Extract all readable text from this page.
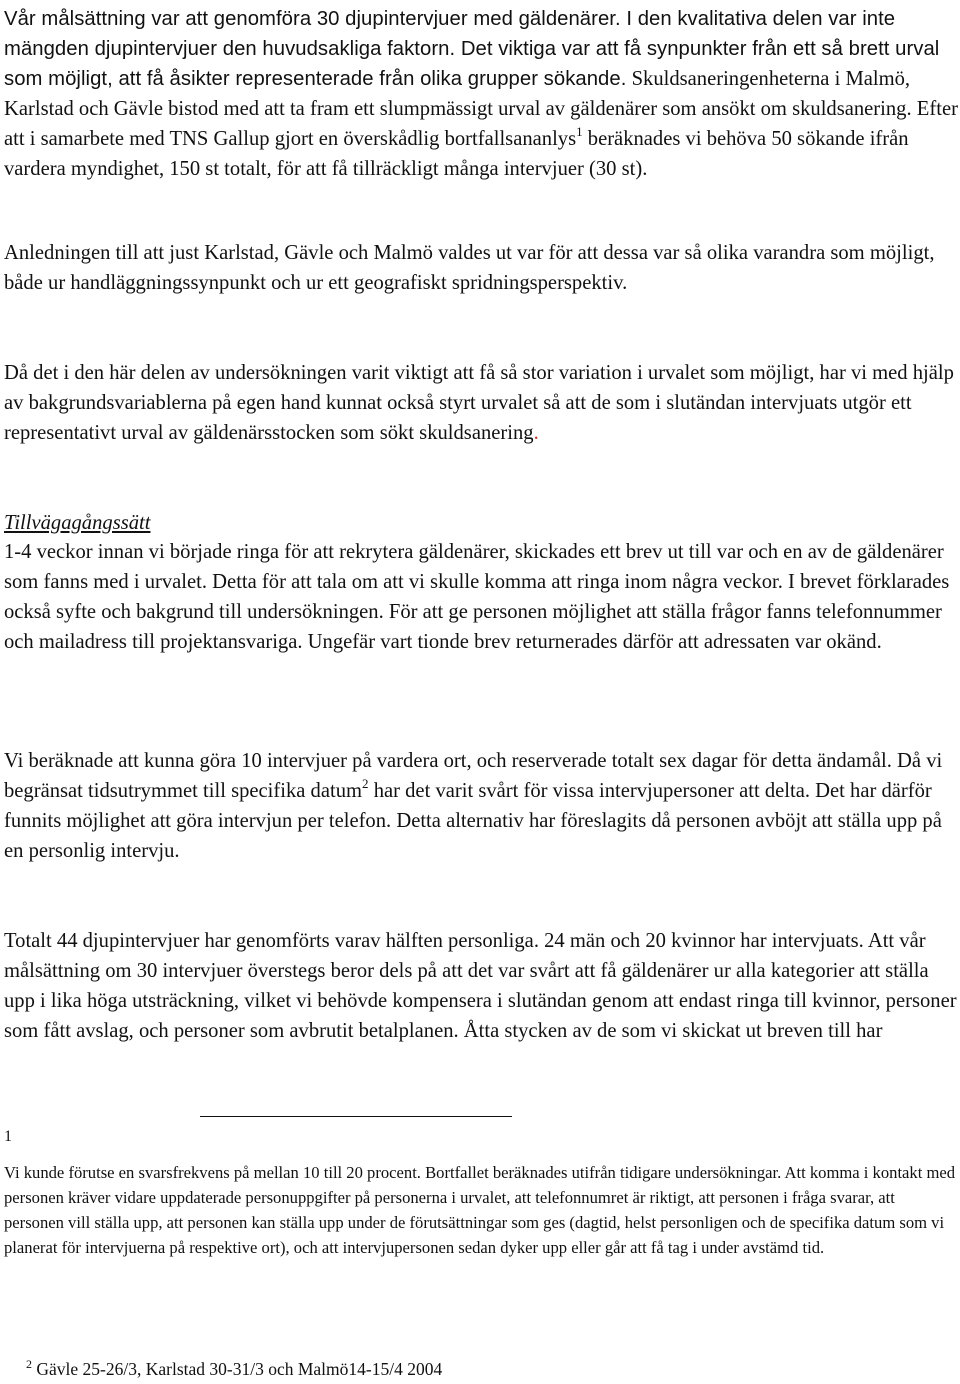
Vår målsättning var att genomföra 30 djupintervjuer med gäldenärer. I den kvalitativa delen var inte mängden djupintervjuer den huvudsakliga faktorn. Det viktiga var att få synpunkter från ett så brett urval som möjligt, att få åsikter representerade från olika grupper sökande. Skuldsaneringenheterna i Malmö, Karlstad och Gävle bistod med att ta fram ett slumpmässigt urval av gäldenärer som ansökt om skuldsanering. Efter att i samarbete med TNS Gallup gjort en överskådlig bortfallsananlys$^1$ beräknades vi behöva 50 sökande ifrån vardera myndighet, 150 st totalt, för att få tillräckligt många intervjuer (30 st).

Anledningen till att just Karlstad, Gävle och Malmö valdes ut var för att dessa var så olika varandra som möjligt, både ur handläggningssynpunkt och ur ett geografiskt spridningsperspektiv.

Då det i den här delen av undersökningen varit viktigt att få så stor variation i urvalet som möjligt, har vi med hjälp av bakgrundsvariablerna på egen hand kunnat också styrt urvalet så att de som i slutändan intervjuats utgör ett representativt urval av gäldenärsstocken som sökt skuldsanering.

Tillvägagångssätt

1-4 veckor innan vi började ringa för att rekrytera gäldenärer, skickades ett brev ut till var och en av de gäldenärer som fanns med i urvalet. Detta för att tala om att vi skulle komma att ringa inom några veckor. I brevet förklarades också syfte och bakgrund till undersökningen. För att ge personen möjlighet att ställa frågor fanns telefonnummer och mailadress till projektansvariga. Ungefär vart tionde brev returnerades därför att adressaten var okänd.

Vi beräknade att kunna göra 10 intervjuer på vardera ort, och reserverade totalt sex dagar för detta ändamål. Då vi begränsat tidsutrymmet till specifika datum$^2$ har det varit svårt för vissa intervjupersoner att delta. Det har därför funnits möjlighet att göra intervjun per telefon. Detta alternativ har föreslagits då personen avböjt att ställa upp på en personlig intervju.

Totalt 44 djupintervjuer har genomförts varav hälften personliga. 24 män och 20 kvinnor har intervjuats. Att vår målsättning om 30 intervjuer överstegs beror dels på att det var svårt att få gäldenärer ur alla kategorier att ställa upp i lika höga utsträckning, vilket vi behövde kompensera i slutändan genom att endast ringa till kvinnor, personer som fått avslag, och personer som avbrutit betalplanen. Åtta stycken av de som vi skickat ut breven till har

1

Vi kunde förutse en svarsfrekvens på mellan 10 till 20 procent. Bortfallet beräknades utifrån tidigare undersökningar. Att komma i kontakt med personen kräver vidare uppdaterade personuppgifter på personerna i urvalet, att telefonnumret är riktigt, att personen i fråga svarar, att personen vill ställa upp, att personen kan ställa upp under de förutsättningar som ges (dagtid, helst personligen och de specifika datum som vi planerat för intervjuerna på respektive ort), och att intervjupersonen sedan dyker upp eller går att få tag i under avstämd tid.

$^2$ Gävle 25-26/3, Karlstad 30-31/3 och Malmö14-15/4 2004
